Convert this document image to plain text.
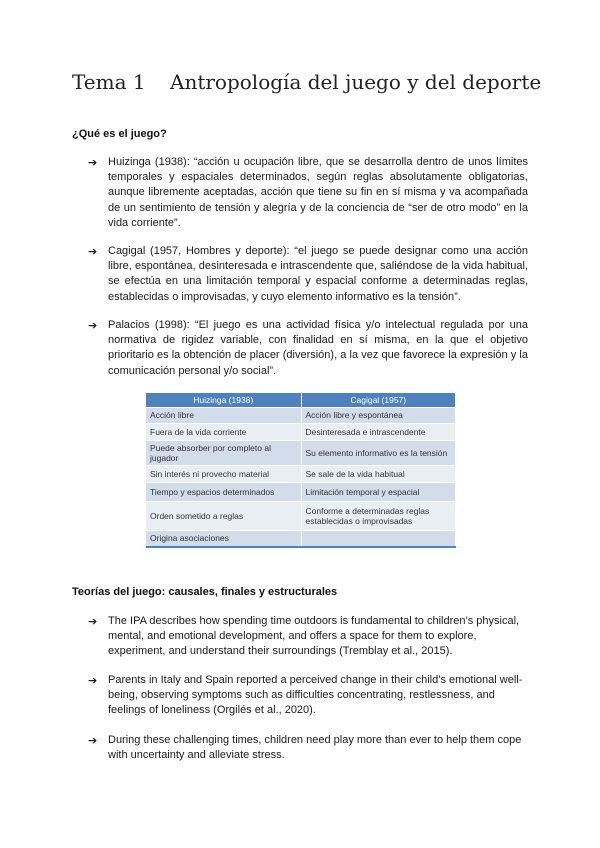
Tema 1 Antropología del juego y del deporte
¿Qué es el juego?
➔ Huizinga (1938): “acción u ocupación libre, que se desarrolla dentro de unos límites temporales y espaciales determinados, según reglas absolutamente obligatorias, aunque libremente aceptadas, acción que tiene su fin en sí misma y va acompañada de un sentimiento de tensión y alegría y de la conciencia de “ser de otro modo” en la vida corriente”.
➔ Cagigal (1957, Hombres y deporte): “el juego se puede designar como una acción libre, espontánea, desinteresada e intrascendente que, saliéndose de la vida habitual, se efectúa en una limitación temporal y espacial conforme a determinadas reglas, establecidas o improvisadas, y cuyo elemento informativo es la tensión”.
➔ Palacios (1998): “El juego es una actividad física y/o intelectual regulada por una normativa de rigidez variable, con finalidad en sí misma, en la que el objetivo prioritario es la obtención de placer (diversión), a la vez que favorece la expresión y la comunicación personal y/o social”.
Huizinga (1938)	Cagigal (1957)
Acción libre	Acción libre y espontánea
Fuera de la vida corriente	Desinteresada e intrascendente
Puede absorber por completo al jugador	Su elemento informativo es la tensión
Sin interés ni provecho material	Se sale de la vida habitual
Tiempo y espacios determinados	Limitación temporal y espacial
Orden sometido a reglas	Conforme a determinadas reglas establecidas o improvisadas
Origina asociaciones	
Teorías del juego: causales, finales y estructurales
➔ The IPA describes how spending time outdoors is fundamental to children’s physical, mental, and emotional development, and offers a space for them to explore, experiment, and understand their surroundings (Tremblay et al., 2015).
➔ Parents in Italy and Spain reported a perceived change in their child’s emotional well-being, observing symptoms such as difficulties concentrating, restlessness, and feelings of loneliness (Orgilés et al., 2020).
➔ During these challenging times, children need play more than ever to help them cope with uncertainty and alleviate stress.
